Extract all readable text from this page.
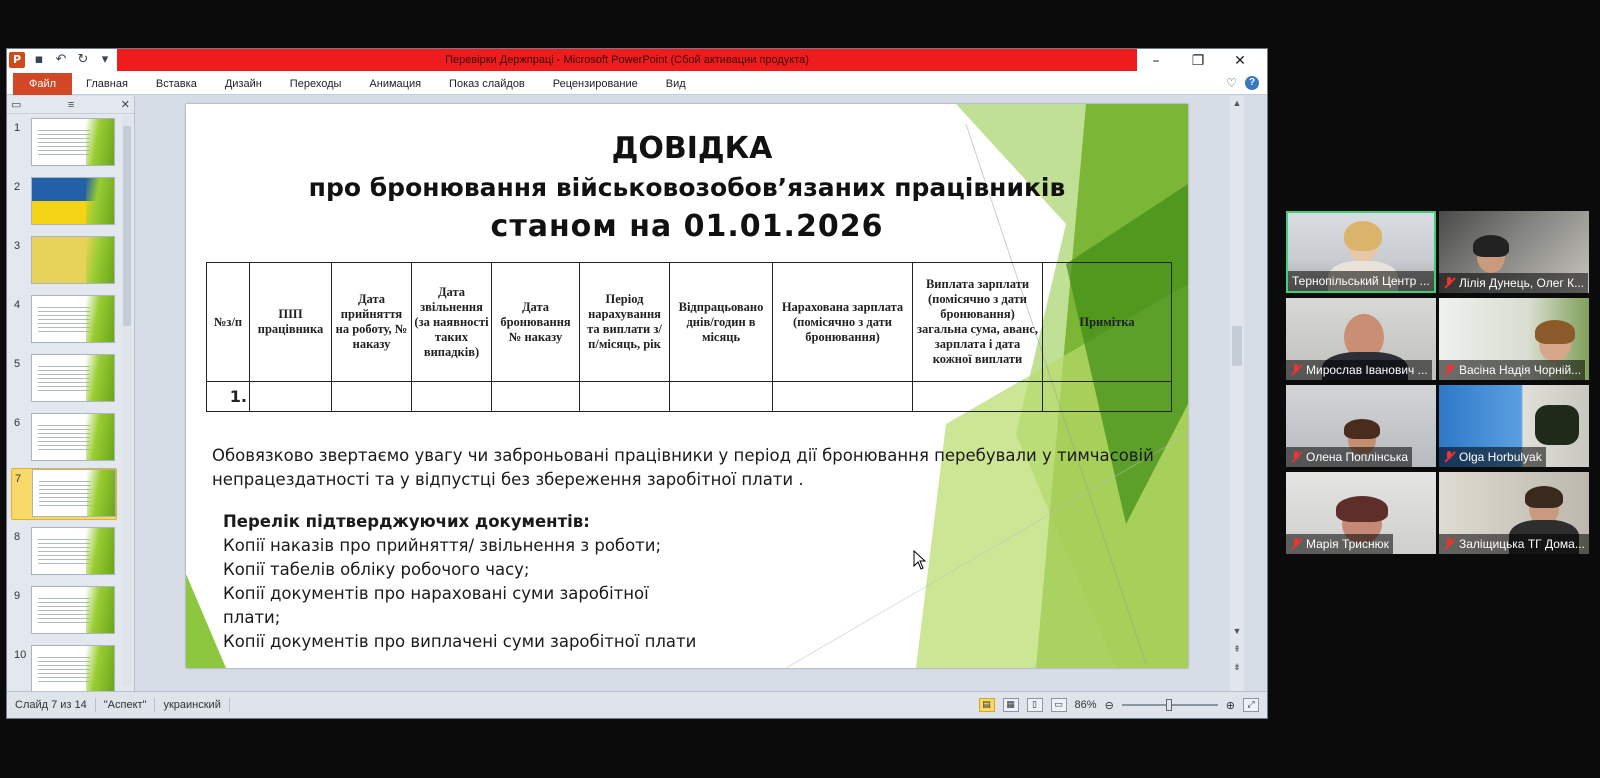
P	▪ ↶ ↻	▾	Перевірки Держпраці - Microsoft PowerPoint (Сбой активации продукта)	–	❐	✕
Файл	Главная	Вставка	Дизайн	Переходы	Анимация	Показ слайдов	Рецензирование	Вид	♡	?
▭	≡	✕
1
2
3
4
5
6
7
8
9
10
ДОВІДКА
про бронювання військовозобов’язаних працівників
станом на 01.01.2026
№з/п	ПІП працівника	Дата прийняття на роботу, № наказу	Дата звільнення (за наявності таких випадків)	Дата бронювання № наказу	Період нарахування та виплати з/п/місяць, рік	Відпрацьовано днів/годин в місяць	Нарахована зарплата (помісячно з дати бронювання)	Виплата зарплати (помісячно з дати бронювання) загальна сума, аванс, зарплата і дата кожної виплати	Примітка
1.									
Обовязково звертаємо увагу чи заброньовані працівники у період дії бронювання перебували у тимчасовій непрацездатності та у відпустці без збереження заробітної плати .
Перелік підтверджуючих документів:
Копії наказів про прийняття/ звільнення з роботи;
Копії табелів обліку робочого часу;
Копії документів про нараховані суми заробітної
плати;
Копії документів про виплачені суми заробітної плати
▲
▼
⇞
⇟
Слайд 7 из 14	"Аспект"	украинский	▤	▦	▯	▭	86% ⊖	⊕	⤢
Тернопільський Центр ... Лілія Дунець, Олег К...
Мирослав Іванович ...	Васіна Надія Чорній...
Олена Поплінська	Olga Horbulyak
Марія Триснюк	Заліщицька ТГ Дома...
